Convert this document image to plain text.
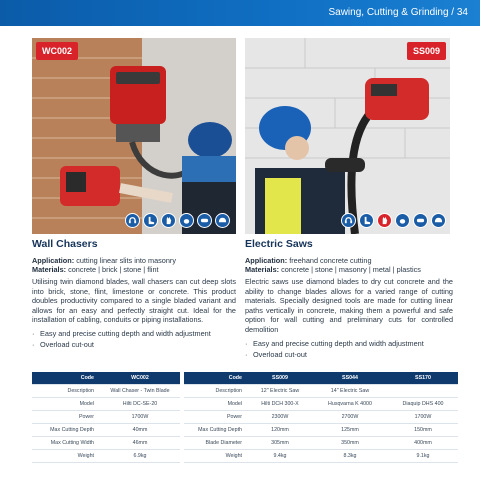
Sawing, Cutting & Grinding / 34
WC002	SS009
Wall Chasers
Application: cutting linear slits into masonry
Materials: concrete | brick | stone | flint
Utilising twin diamond blades, wall chasers can cut deep slots into brick, stone, flint, limestone or concrete. This product doubles productivity compared to a single bladed variant and allows for an easy and perfectly straight cut. Ideal for the installation of cabling, conduits or piping installations.
· Easy and precise cutting depth and width adjustment
· Overload cut-out
Electric Saws
Application: freehand concrete cutting
Materials: concrete | stone | masonry | metal | plastics
Electric saws use diamond blades to dry cut concrete and the ability to change blades allows for a varied range of cutting materials. Specially designed tools are made for cutting linear paths vertically in concrete, making them a powerful and safe option for wall cutting and preliminary cuts for controlled demolition
· Easy and precise cutting depth and width adjustment
· Overload cut-out
Code	WC002
Description	Wall Chaser - Twin Blade
Model	Hilti DC-SE-20
Power	1700W
Max Cutting Depth	40mm
Max Cutting Width	46mm
Weight	6.9kg
Code	SS009	SS044	SS170
Description	12" Electric Saw	14" Electric Saw	
Model	Hilti DCH 300-X	Husqvarna K 4000	Diaquip DHS 400
Power	2300W	2700W	1700W
Max Cutting Depth	120mm	125mm	150mm
Blade Diameter	305mm	350mm	400mm
Weight	9.4kg	8.3kg	9.1kg
